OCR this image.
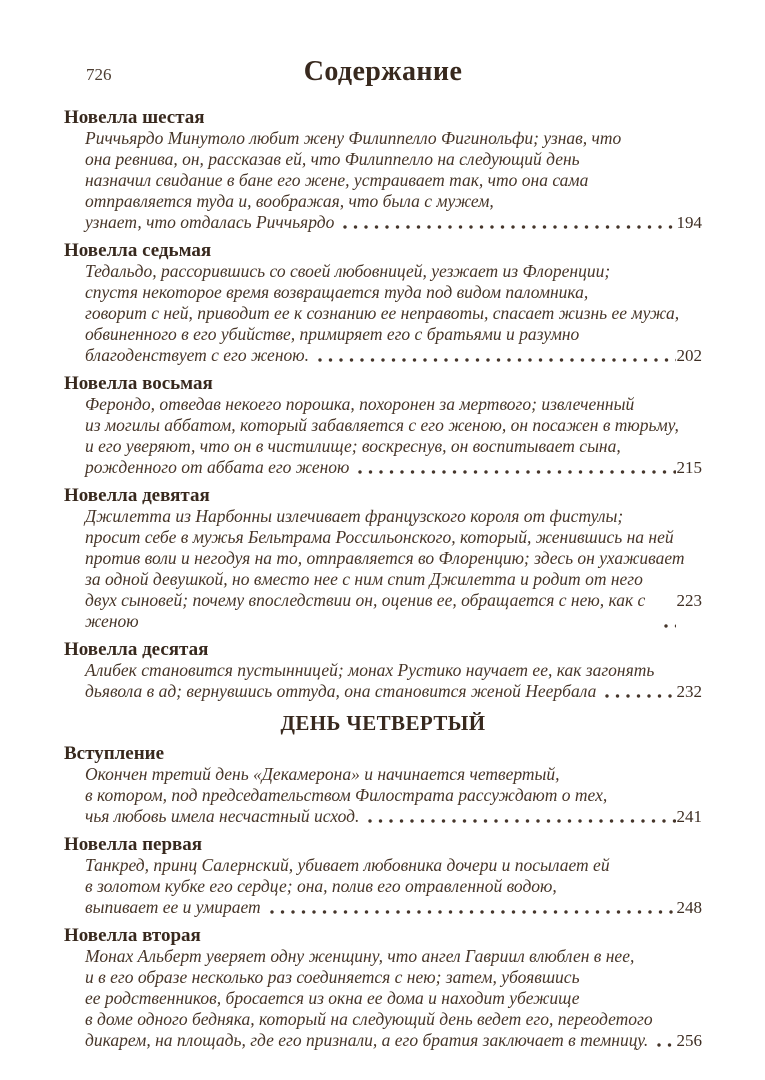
726	Содержание
Новелла шестая
Риччьярдо Минутоло любит жену Филиппелло Фигинольфи; узнав, что
она ревнива, он, рассказав ей, что Филиппелло на следующий день
назначил свидание в бане его жене, устраивает так, что она сама
отправляется туда и, воображая, что была с мужем,
узнает, что отдалась Риччьярдо	194
Новелла седьмая
Тедальдо, рассорившись со своей любовницей, уезжает из Флоренции;
спустя некоторое время возвращается туда под видом паломника,
говорит с ней, приводит ее к сознанию ее неправоты, спасает жизнь ее мужа,
обвиненного в его убийстве, примиряет его с братьями и разумно
благоденствует с его женою.	202
Новелла восьмая
Ферондо, отведав некоего порошка, похоронен за мертвого; извлеченный
из могилы аббатом, который забавляется с его женою, он посажен в тюрьму,
и его уверяют, что он в чистилище; воскреснув, он воспитывает сына,
рожденного от аббата его женою	215
Новелла девятая
Джилетта из Нарбонны излечивает французского короля от фистулы;
просит себе в мужья Бельтрама Россильонского, который, женившись на ней
против воли и негодуя на то, отправляется во Флоренцию; здесь он ухаживает
за одной девушкой, но вместо нее с ним спит Джилетта и родит от него
двух сыновей; почему впоследствии он, оценив ее, обращается с нею, как с женою
223
Новелла десятая
Алибек становится пустынницей; монах Рустико научает ее, как загонять
дьявола в ад; вернувшись оттуда, она становится женой Неербала	232
ДЕНЬ ЧЕТВЕРТЫЙ
Вступление
Окончен третий день «Декамерона» и начинается четвертый,
в котором, под председательством Филострата рассуждают о тех,
чья любовь имела несчастный исход.	241
Новелла первая
Танкред, принц Салернский, убивает любовника дочери и посылает ей
в золотом кубке его сердце; она, полив его отравленной водою,
выпивает ее и умирает	248
Новелла вторая
Монах Альберт уверяет одну женщину, что ангел Гавриил влюблен в нее,
и в его образе несколько раз соединяется с нею; затем, убоявшись
ее родственников, бросается из окна ее дома и находит убежище
в доме одного бедняка, который на следующий день ведет его, переодетого
дикарем, на площадь, где его признали, а его братия заключает в темницу. 256
